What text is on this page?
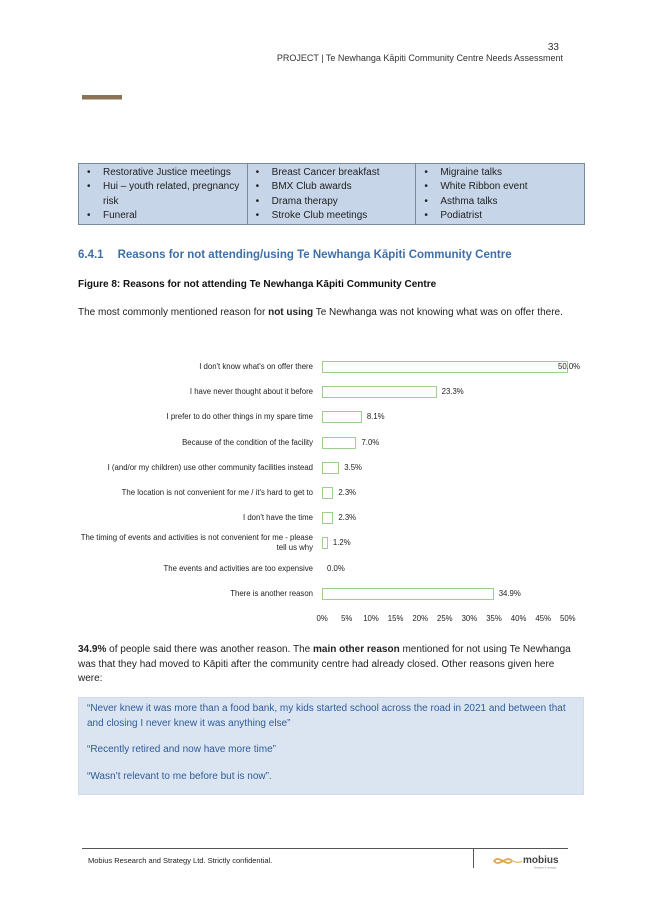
33
PROJECT | Te Newhanga Kāpiti Community Centre Needs Assessment
• Restorative Justice meetings
• Hui – youth related, pregnancy risk
• Funeral

• Breast Cancer breakfast
• BMX Club awards
• Drama therapy
• Stroke Club meetings

• Migraine talks
• White Ribbon event
• Asthma talks
• Podiatrist
6.4.1 Reasons for not attending/using Te Newhanga Kāpiti Community Centre
Figure 8: Reasons for not attending Te Newhanga Kāpiti Community Centre
The most commonly mentioned reason for not using Te Newhanga was not knowing what was on offer there.
34.9% of people said there was another reason. The main other reason mentioned for not using Te Newhanga was that they had moved to Kāpiti after the community centre had already closed. Other reasons given here were:

“Never knew it was more than a food bank, my kids started school across the road in 2021 and between that and closing I never knew it was anything else”

“Recently retired and now have more time”

“Wasn’t relevant to me before but is now”.

Mobius Research and Strategy Ltd. Strictly confidential.	mobius
research & strategy
I don't know what's on offer there	50.0%
I have never thought about it before	23.3%
I prefer to do other things in my spare time	8.1%
Because of the condition of the facility	7.0%
I (and/or my children) use other community facilities instead	3.5%
The location is not convenient for me / it's hard to get to	2.3%
I don't have the time	2.3%
The timing of events and activities is not convenient for me - please tell us why
1.2%
The events and activities are too expensive 0.0%
There is another reason	34.9%
0% 5% 10% 15% 20% 25% 30% 35% 40% 45% 50%
